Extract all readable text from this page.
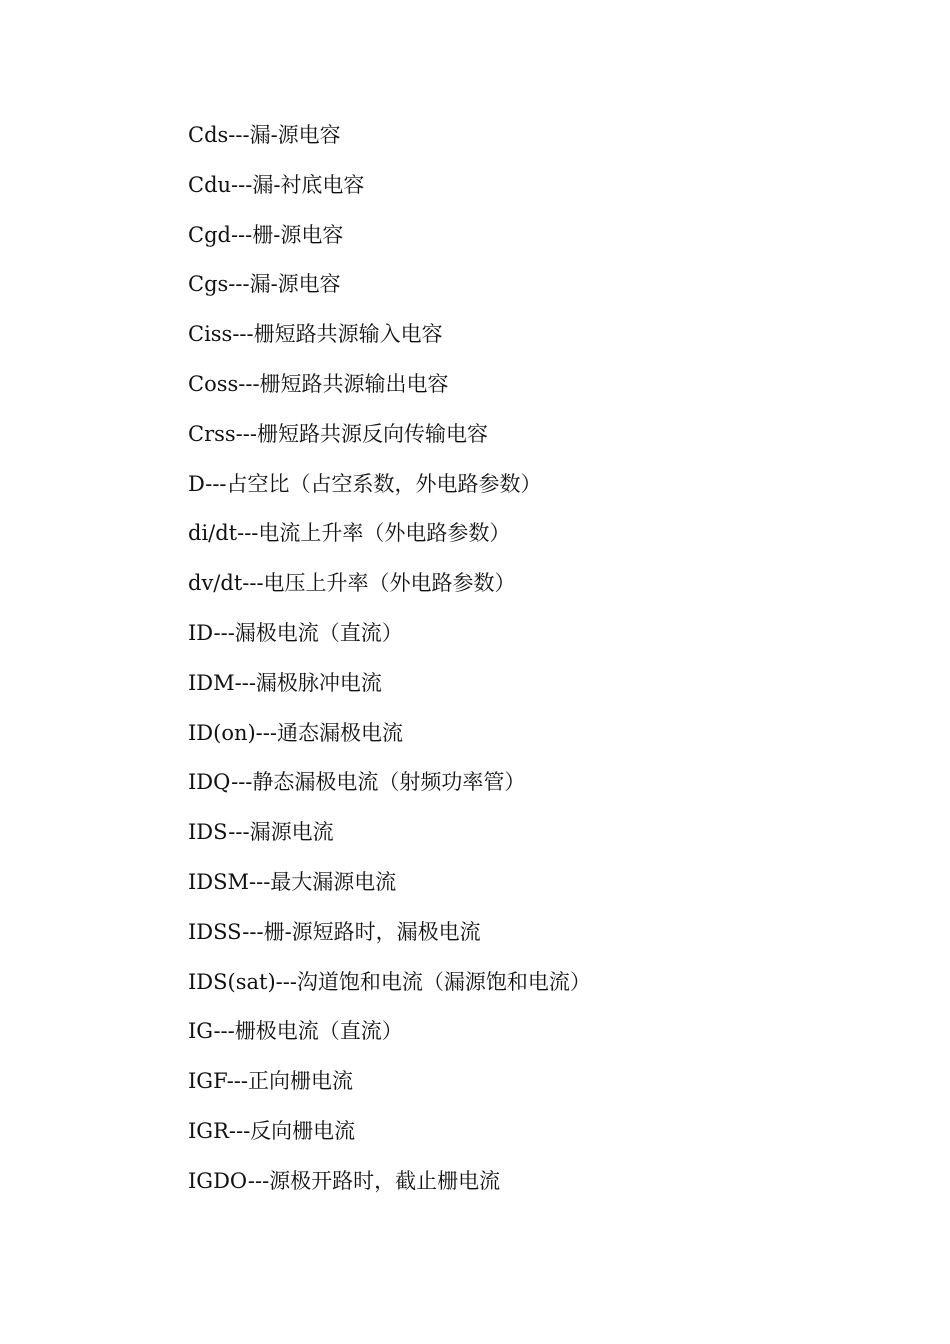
Cds---漏-源电容
Cdu---漏-衬底电容
Cgd---栅-源电容
Cgs---漏-源电容
Ciss---栅短路共源输入电容
Coss---栅短路共源输出电容
Crss---栅短路共源反向传输电容
D---占空比（占空系数，外电路参数）
di/dt---电流上升率（外电路参数）
dv/dt---电压上升率（外电路参数）
ID---漏极电流（直流）
IDM---漏极脉冲电流
ID(on)---通态漏极电流
IDQ---静态漏极电流（射频功率管）
IDS---漏源电流
IDSM---最大漏源电流
IDSS---栅-源短路时，漏极电流
IDS(sat)---沟道饱和电流（漏源饱和电流）
IG---栅极电流（直流）
IGF---正向栅电流
IGR---反向栅电流
IGDO---源极开路时，截止栅电流
